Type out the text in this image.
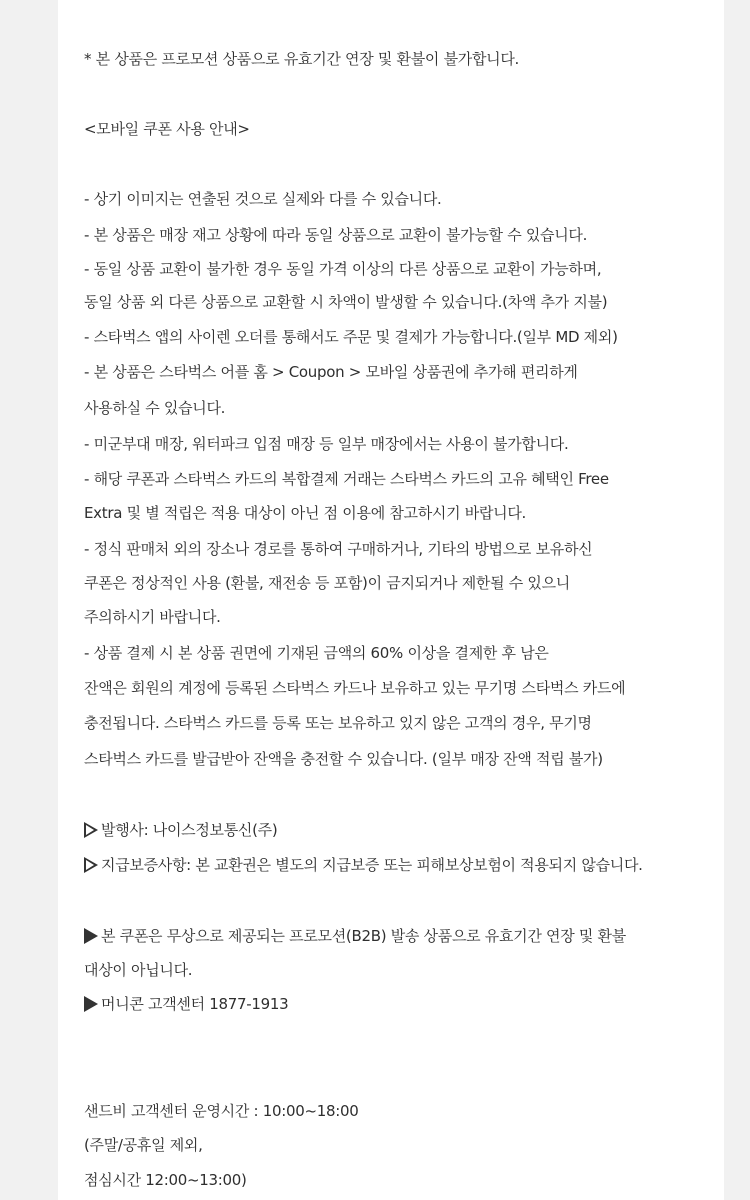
* 본 상품은 프로모션 상품으로 유효기간 연장 및 환불이 불가합니다.
<모바일 쿠폰 사용 안내>
- 상기 이미지는 연출된 것으로 실제와 다를 수 있습니다.
- 본 상품은 매장 재고 상황에 따라 동일 상품으로 교환이 불가능할 수 있습니다.
- 동일 상품 교환이 불가한 경우 동일 가격 이상의 다른 상품으로 교환이 가능하며,
동일 상품 외 다른 상품으로 교환할 시 차액이 발생할 수 있습니다.(차액 추가 지불)
- 스타벅스 앱의 사이렌 오더를 통해서도 주문 및 결제가 가능합니다.(일부 MD 제외)
- 본 상품은 스타벅스 어플 홈 > Coupon > 모바일 상품권에 추가해 편리하게
사용하실 수 있습니다.
- 미군부대 매장, 워터파크 입점 매장 등 일부 매장에서는 사용이 불가합니다.
- 해당 쿠폰과 스타벅스 카드의 복합결제 거래는 스타벅스 카드의 고유 혜택인 Free
Extra 및 별 적립은 적용 대상이 아닌 점 이용에 참고하시기 바랍니다.
- 정식 판매처 외의 장소나 경로를 통하여 구매하거나, 기타의 방법으로 보유하신
쿠폰은 정상적인 사용 (환불, 재전송 등 포함)이 금지되거나 제한될 수 있으니
주의하시기 바랍니다.
- 상품 결제 시 본 상품 권면에 기재된 금액의 60% 이상을 결제한 후 남은
잔액은 회원의 계정에 등록된 스타벅스 카드나 보유하고 있는 무기명 스타벅스 카드에
충전됩니다. 스타벅스 카드를 등록 또는 보유하고 있지 않은 고객의 경우, 무기명
스타벅스 카드를 발급받아 잔액을 충전할 수 있습니다. (일부 매장 잔액 적립 불가)
발행사: 나이스정보통신(주)
지급보증사항: 본 교환권은 별도의 지급보증 또는 피해보상보험이 적용되지 않습니다.
본 쿠폰은 무상으로 제공되는 프로모션(B2B) 발송 상품으로 유효기간 연장 및 환불
대상이 아닙니다.
머니콘 고객센터 1877-1913
샌드비 고객센터 운영시간 : 10:00~18:00
(주말/공휴일 제외,
점심시간 12:00~13:00)
